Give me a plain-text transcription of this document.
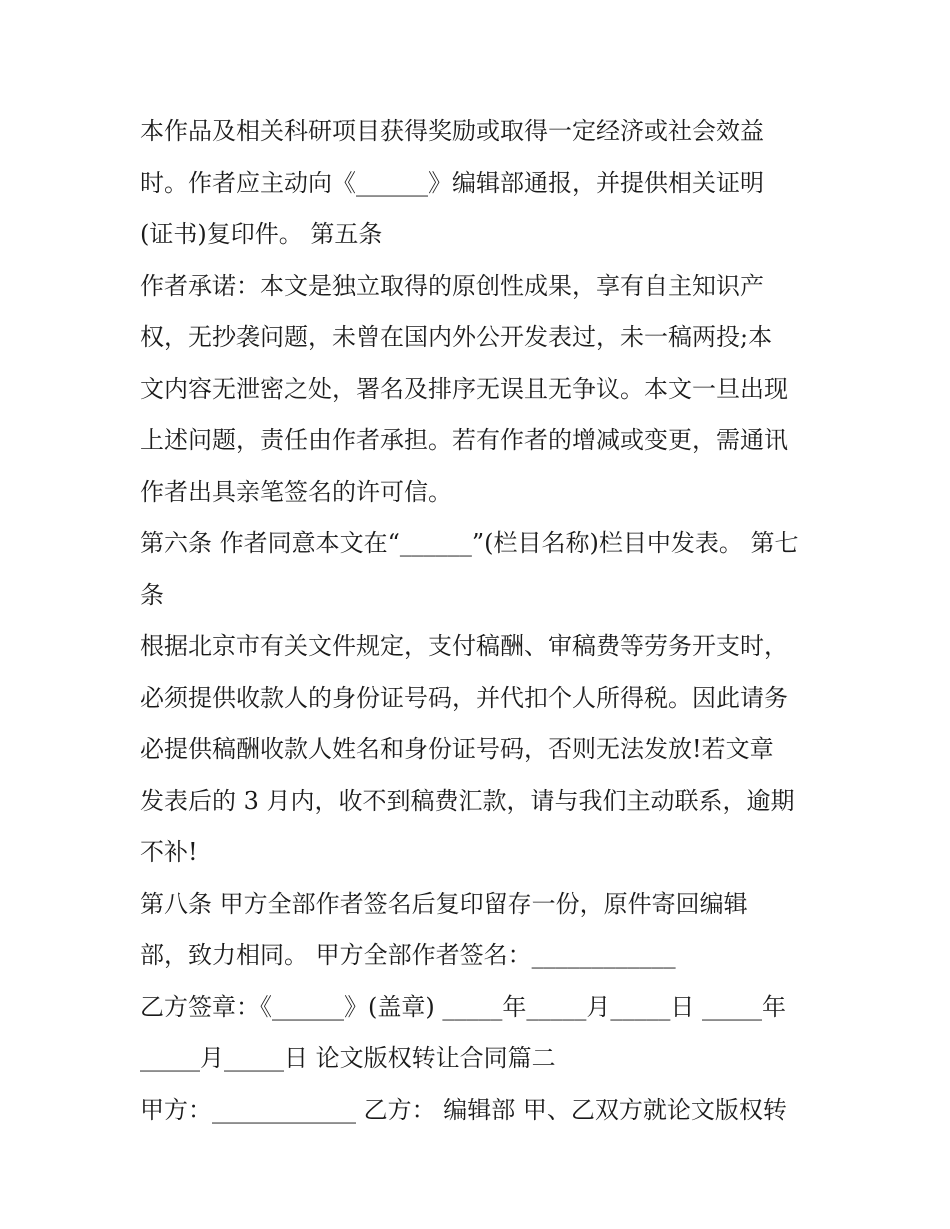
本作品及相关科研项目获得奖励或取得一定经济或社会效益
时。作者应主动向《______》编辑部通报，并提供相关证明
(证书)复印件。 第五条
作者承诺：本文是独立取得的原创性成果，享有自主知识产
权，无抄袭问题，未曾在国内外公开发表过，未一稿两投;本
文内容无泄密之处，署名及排序无误且无争议。本文一旦出现
上述问题，责任由作者承担。若有作者的增减或变更，需通讯
作者出具亲笔签名的许可信。
第六条 作者同意本文在“______”(栏目名称)栏目中发表。 第七
条
根据北京市有关文件规定，支付稿酬、审稿费等劳务开支时，
必须提供收款人的身份证号码，并代扣个人所得税。因此请务
必提供稿酬收款人姓名和身份证号码，否则无法发放!若文章
发表后的 3 月内，收不到稿费汇款，请与我们主动联系，逾期
不补!
第八条 甲方全部作者签名后复印留存一份，原件寄回编辑
部，致力相同。 甲方全部作者签名：____________
乙方签章：《______》(盖章) _____年_____月_____日 _____年
_____月_____日 论文版权转让合同篇二
甲方：____________ 乙方： 编辑部 甲、乙双方就论文版权转
